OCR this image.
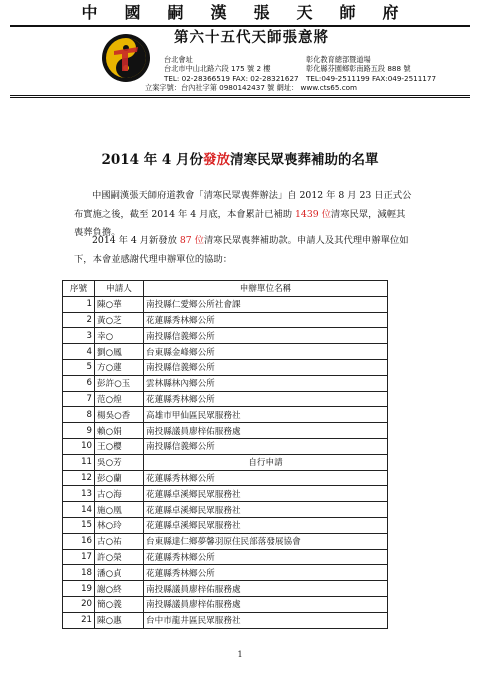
中國嗣漢張天師府
第六十五代天師張意將
台北會址
台北市中山北路六段 175 號 2 樓
TEL: 02-28366519 FAX: 02-28321627
彰化教育總部暨道場
彰化縣芬園鄉彰南路五段 888 號
TEL:049-2511199 FAX:049-2511177
立案字號：台內社字第 0980142437 號 網址： www.cts65.com
2014 年 4 月份發放清寒民眾喪葬補助的名單
中國嗣漢張天師府道教會「清寒民眾喪葬辦法」自 2012 年 8 月 23 日正式公布實施之後，截至 2014 年 4 月底，本會累計已補助 1439 位清寒民眾，減輕其喪葬負擔。
2014 年 4 月新發放 87 位清寒民眾喪葬補助款。申請人及其代理申辦單位如下，本會並感謝代理申辦單位的協助：
序號	申請人	申辦單位名稱
1	陳○華	南投縣仁愛鄉公所社會課
2	黃○芝	花蓮縣秀林鄉公所
3	幸○	南投縣信義鄉公所
4	劉○鳳	台東縣金峰鄉公所
5	方○蓮	南投縣信義鄉公所
6	彭許○玉	雲林縣林內鄉公所
7	范○煌	花蓮縣秀林鄉公所
8	楊吳○香	高雄市甲仙區民眾服務社
9	賴○娟	南投縣議員廖梓佑服務處
10	王○櫻	南投縣信義鄉公所
11	吳○芳	自行申請
12	彭○蘭	花蓮縣秀林鄉公所
13	古○海	花蓮縣卓溪鄉民眾服務社
14	施○凰	花蓮縣卓溪鄉民眾服務社
15	林○玲	花蓮縣卓溪鄉民眾服務社
16	古○祐	台東縣達仁鄉夢馨羽原住民部落發展協會
17	許○榮	花蓮縣秀林鄉公所
18	潘○貞	花蓮縣秀林鄉公所
19	謝○終	南投縣議員廖梓佑服務處
20	簡○義	南投縣議員廖梓佑服務處
21	陳○惠	台中市龍井區民眾服務社
1
